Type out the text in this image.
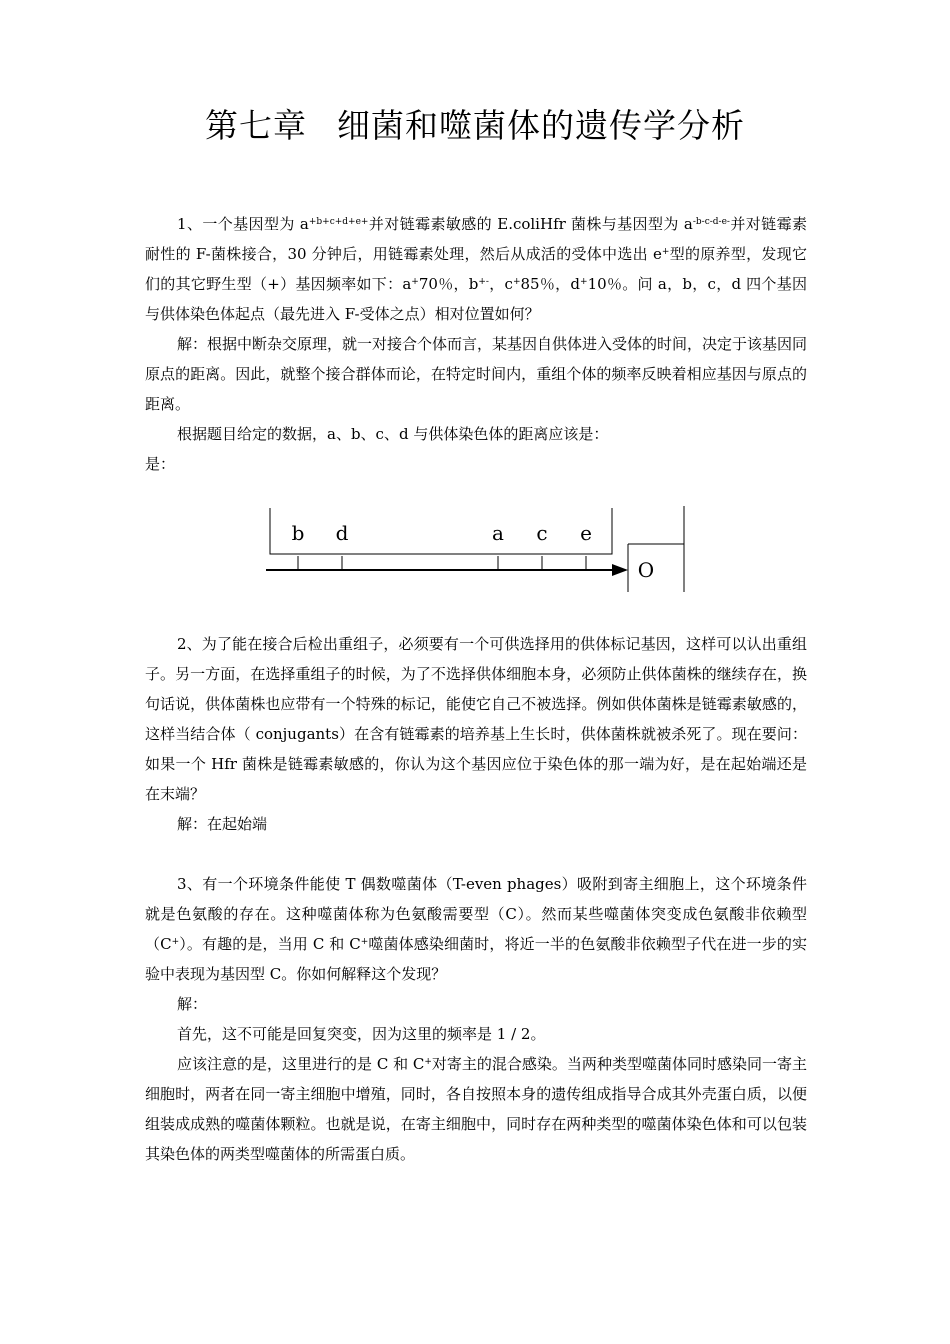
第七章 细菌和噬菌体的遗传学分析

1、一个基因型为 $a^{+b+c+d+e+}$并对链霉素敏感的 E.coliHfr 菌株与基因型为 $a^{-b-c-d-e-}$并对链霉素耐性的 F-菌株接合，30 分钟后，用链霉素处理，然后从成活的受体中选出 e+型的原养型，发现它们的其它野生型（+）基因频率如下：a+70％，b+-，c+85％，d+10％。问 a，b，c，d 四个基因与供体染色体起点（最先进入 F-受体之点）相对位置如何？

解：根据中断杂交原理，就一对接合个体而言，某基因自供体进入受体的时间，决定于该基因同原点的距离。因此，就整个接合群体而论，在特定时间内，重组个体的频率反映着相应基因与原点的距离。

根据题目给定的数据，a、b、c、d 与供体染色体的距离应该是：

是：

2、为了能在接合后检出重组子，必须要有一个可供选择用的供体标记基因，这样可以认出重组子。另一方面，在选择重组子的时候，为了不选择供体细胞本身，必须防止供体菌株的继续存在，换句话说，供体菌株也应带有一个特殊的标记，能使它自己不被选择。例如供体菌株是链霉素敏感的，这样当结合体（ conjugants）在含有链霉素的培养基上生长时，供体菌株就被杀死了。现在要问：如果一个 Hfr 菌株是链霉素敏感的，你认为这个基因应位于染色体的那一端为好，是在起始端还是在末端？

解：在起始端

3、有一个环境条件能使 T 偶数噬菌体（T-even phages）吸附到寄主细胞上，这个环境条件就是色氨酸的存在。这种噬菌体称为色氨酸需要型（C）。然而某些噬菌体突变成色氨酸非依赖型（C+）。有趣的是，当用 C 和 C+噬菌体感染细菌时，将近一半的色氨酸非依赖型子代在进一步的实验中表现为基因型 C。你如何解释这个发现？

解：

首先，这不可能是回复突变，因为这里的频率是 1 / 2。

应该注意的是，这里进行的是 C 和 C+对寄主的混合感染。当两种类型噬菌体同时感染同一寄主细胞时，两者在同一寄主细胞中增殖，同时，各自按照本身的遗传组成指导合成其外壳蛋白质，以便组装成成熟的噬菌体颗粒。也就是说，在寄主细胞中，同时存在两种类型的噬菌体染色体和可以包装其染色体的两类型噬菌体的所需蛋白质。

b d	a c e
O
